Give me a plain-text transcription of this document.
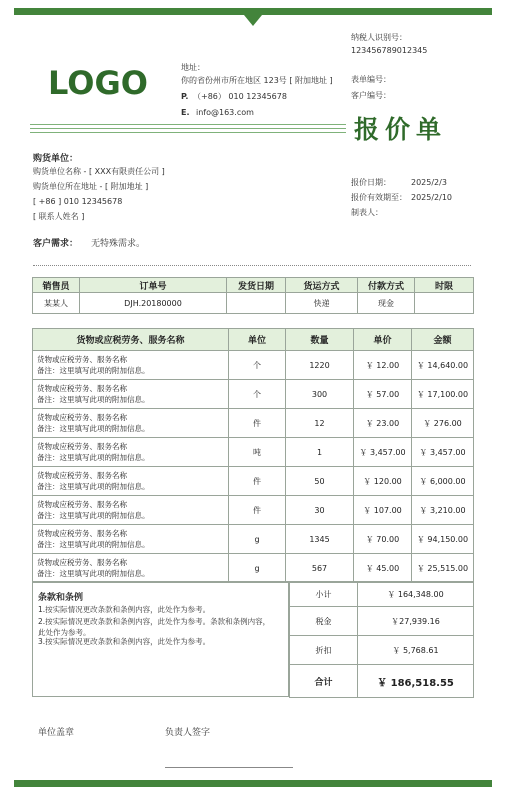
LOGO	地址：
你的省份州市所在地区 123号 [ 附加地址 ]
P. （+86） 010 12345678
E. info@163.com
纳税人识别号：
123456789012345
表单编号：
客户编号：
报价单
购货单位：
购货单位名称 - [ XXX有限责任公司 ]
购货单位所在地址 - [ 附加地址 ]
[ +86 ] 010 12345678
[ 联系人姓名 ]
报价日期：	2025/2/3
报价有效期至： 2025/2/10
制表人：
客户需求： 无特殊需求。
销售员	订单号	发货日期	货运方式	付款方式	时限
某某人	DJH.20180000		快递	现金	
货物或应税劳务、服务名称	单位	数量	单价	金额

货物或应税劳务、服务名称
备注：这里填写此项的附加信息。	个	1220	￥ 12.00	￥ 14,640.00

货物或应税劳务、服务名称
备注：这里填写此项的附加信息。	个	300	￥ 57.00	￥ 17,100.00

货物或应税劳务、服务名称
备注：这里填写此项的附加信息。	件	12	￥ 23.00	￥ 276.00

货物或应税劳务、服务名称
备注：这里填写此项的附加信息。	吨	1	￥ 3,457.00	￥ 3,457.00

货物或应税劳务、服务名称
备注：这里填写此项的附加信息。	件	50	￥ 120.00	￥ 6,000.00

货物或应税劳务、服务名称
备注：这里填写此项的附加信息。	件	30	￥ 107.00	￥ 3,210.00

货物或应税劳务、服务名称
备注：这里填写此项的附加信息。	g	1345	￥ 70.00	￥ 94,150.00

货物或应税劳务、服务名称
备注：这里填写此项的附加信息。	g	567	￥ 45.00	￥ 25,515.00
条款和条例
1.按实际情况更改条款和条例内容，此处作为参考。
2.按实际情况更改条款和条例内容，此处作为参考。条款和条例内容，此处作为参考。
3.按实际情况更改条款和条例内容，此处作为参考。
小计	￥ 164,348.00
税金	￥27,939.16
折扣	￥ 5,768.61
合计	￥ 186,518.55
单位盖章	负责人签字
